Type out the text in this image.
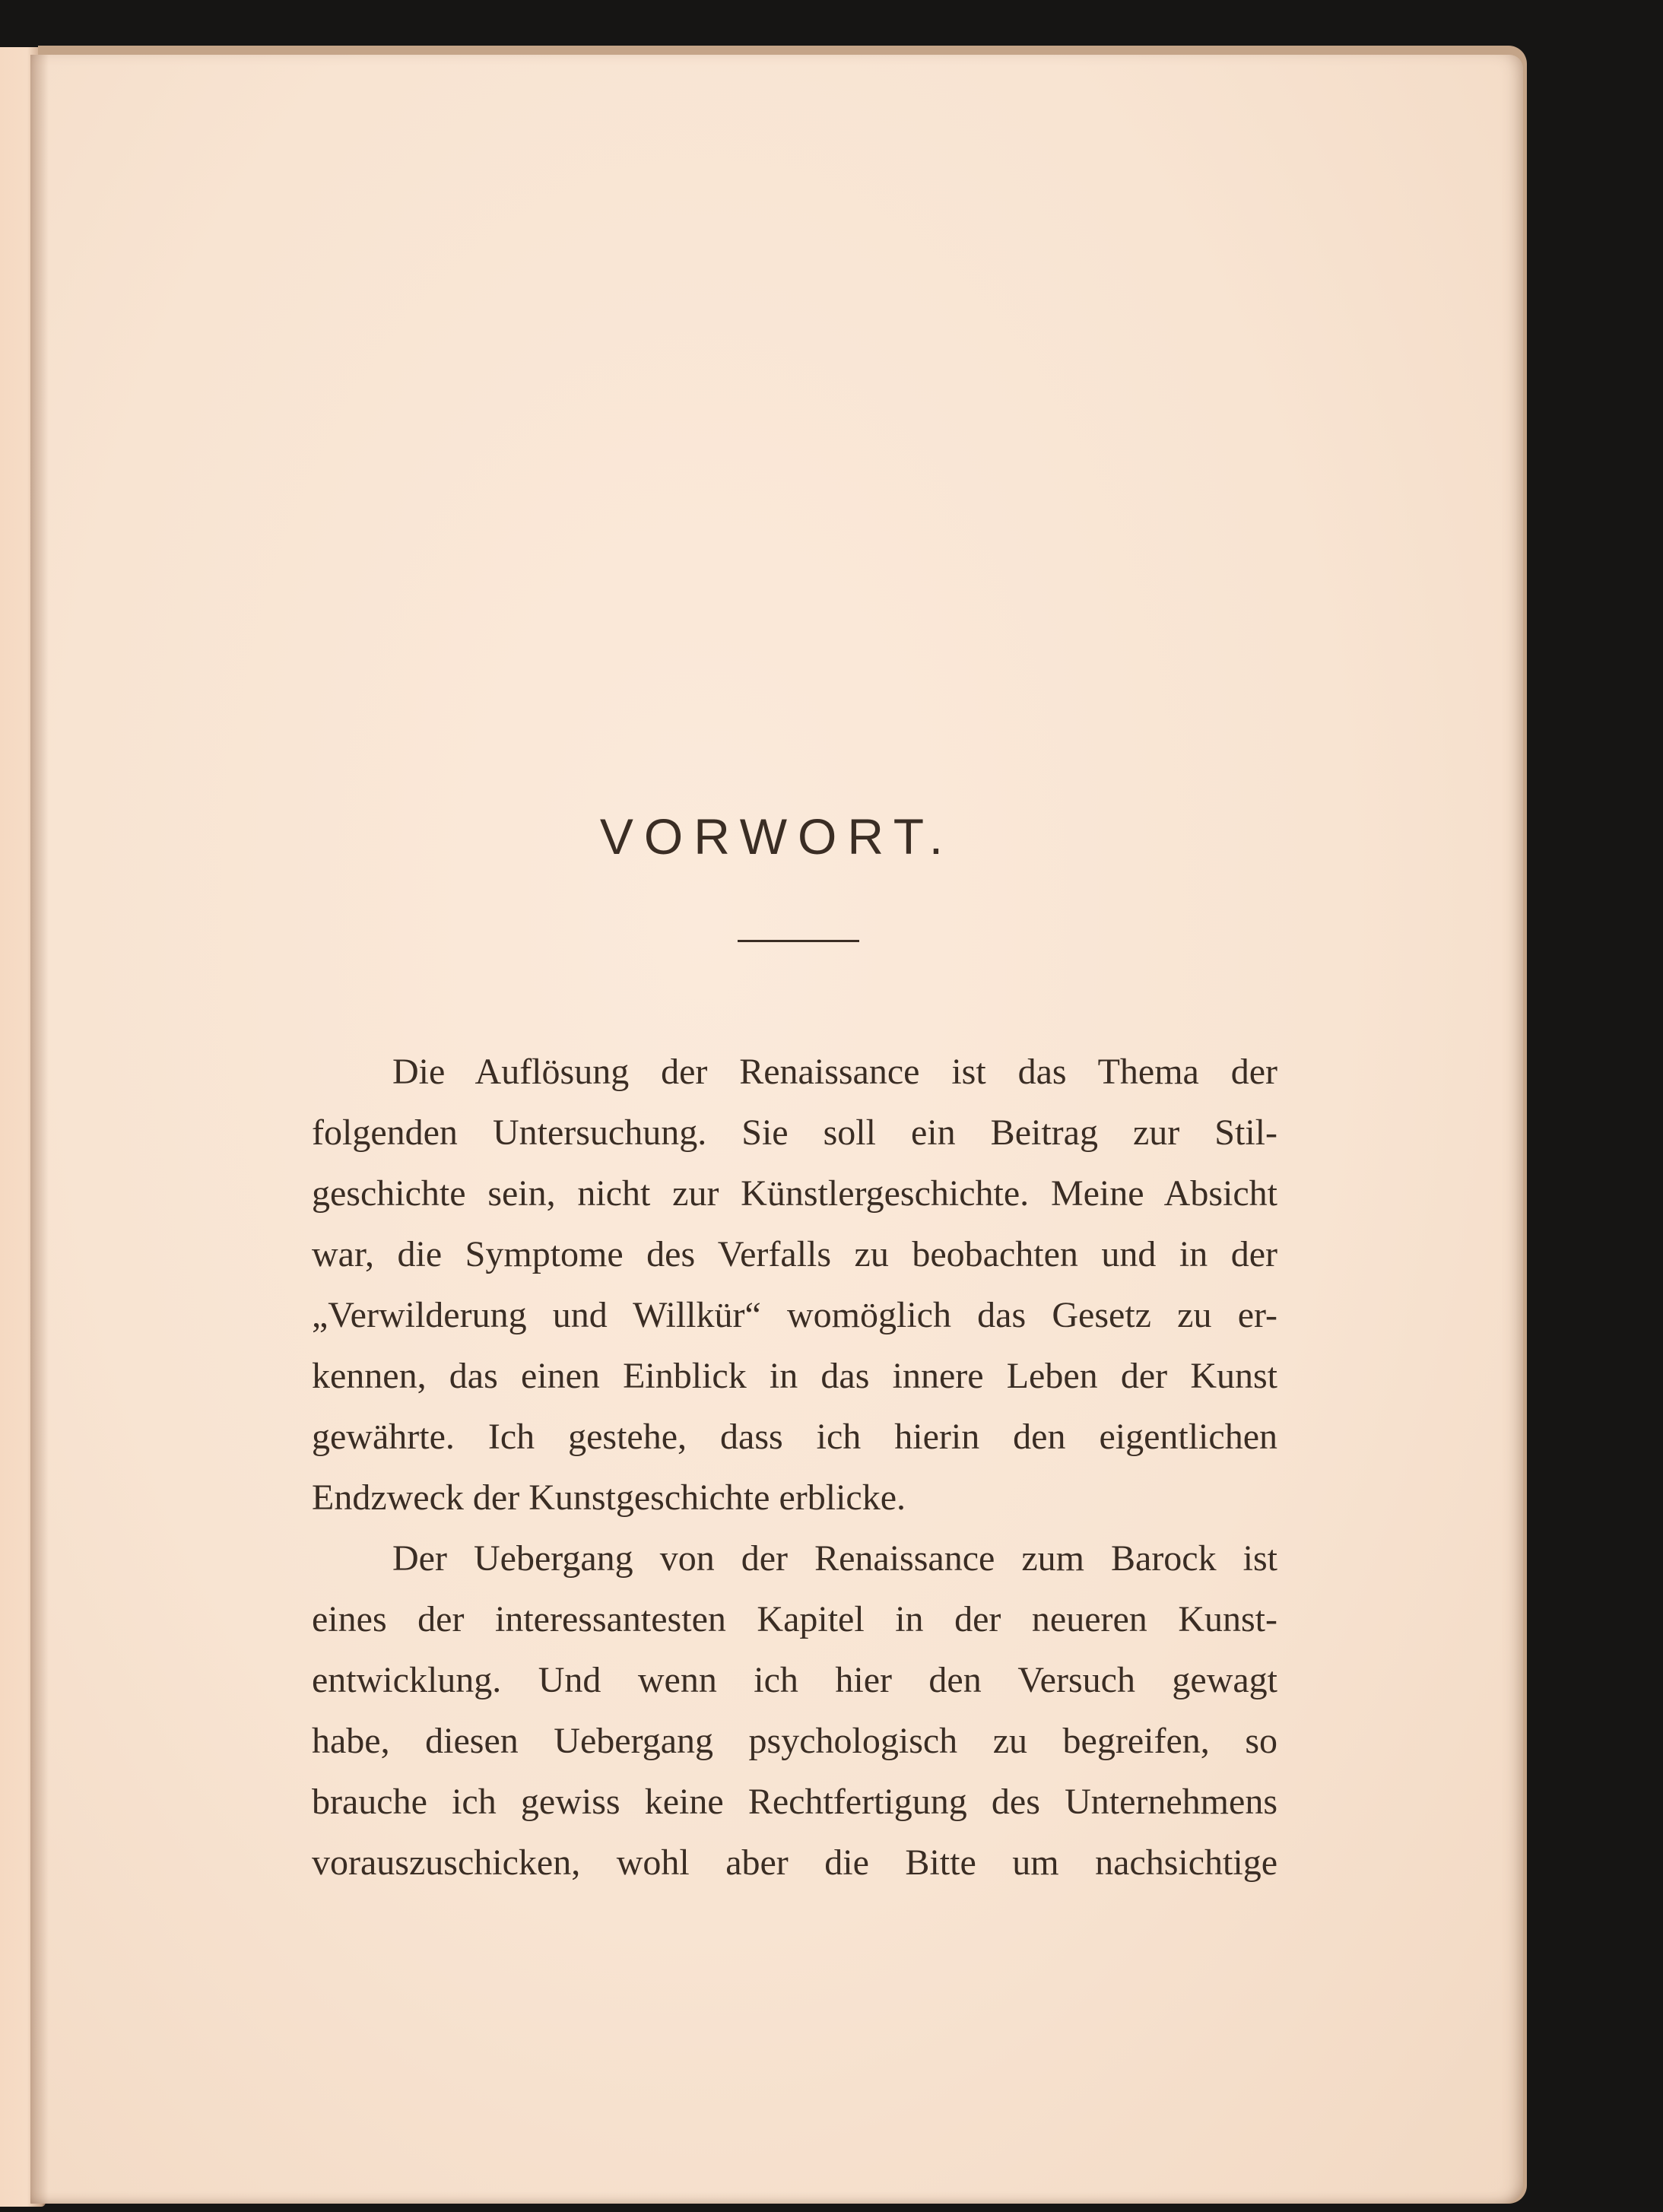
VORWORT.

Die Auflösung der Renaissance ist das Thema der

folgenden Untersuchung. Sie soll ein Beitrag zur Stil-

geschichte sein, nicht zur Künstlergeschichte. Meine Absicht

war, die Symptome des Verfalls zu beobachten und in der

„Verwilderung und Willkür“ womöglich das Gesetz zu er-

kennen, das einen Einblick in das innere Leben der Kunst

gewährte. Ich gestehe, dass ich hierin den eigentlichen

Endzweck der Kunstgeschichte erblicke.

Der Uebergang von der Renaissance zum Barock ist

eines der interessantesten Kapitel in der neueren Kunst-

entwicklung. Und wenn ich hier den Versuch gewagt

habe, diesen Uebergang psychologisch zu begreifen, so

brauche ich gewiss keine Rechtfertigung des Unternehmens

vorauszuschicken, wohl aber die Bitte um nachsichtige
